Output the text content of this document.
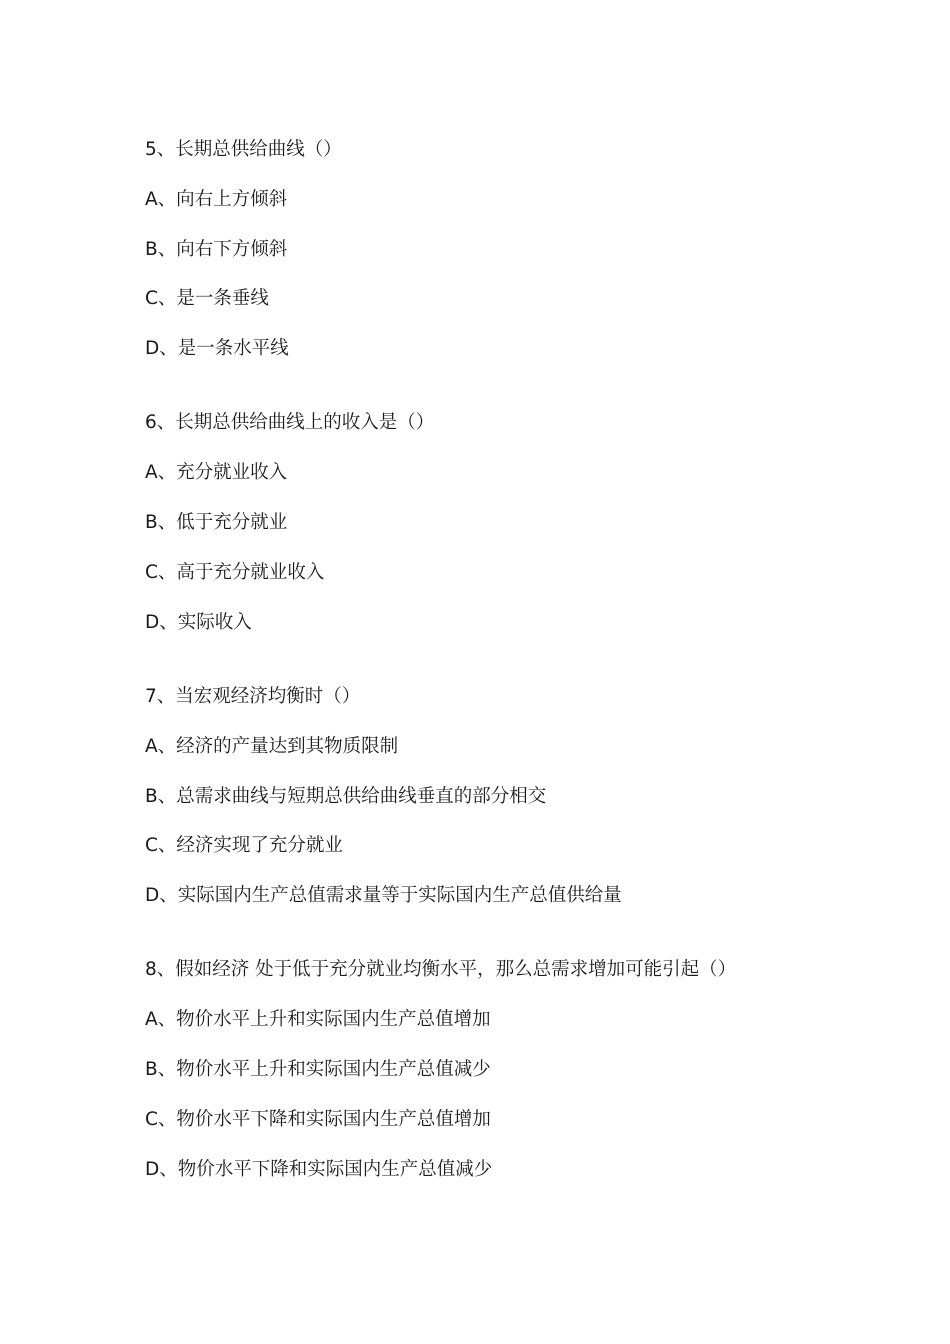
5、长期总供给曲线（）
A、向右上方倾斜
B、向右下方倾斜
C、是一条垂线
D、是一条水平线
6、长期总供给曲线上的收入是（）
A、充分就业收入
B、低于充分就业
C、高于充分就业收入
D、实际收入
7、当宏观经济均衡时（）
A、经济的产量达到其物质限制
B、总需求曲线与短期总供给曲线垂直的部分相交
C、经济实现了充分就业
D、实际国内生产总值需求量等于实际国内生产总值供给量
8、假如经济 处于低于充分就业均衡水平，那么总需求增加可能引起（）
A、物价水平上升和实际国内生产总值增加
B、物价水平上升和实际国内生产总值减少
C、物价水平下降和实际国内生产总值增加
D、物价水平下降和实际国内生产总值减少
